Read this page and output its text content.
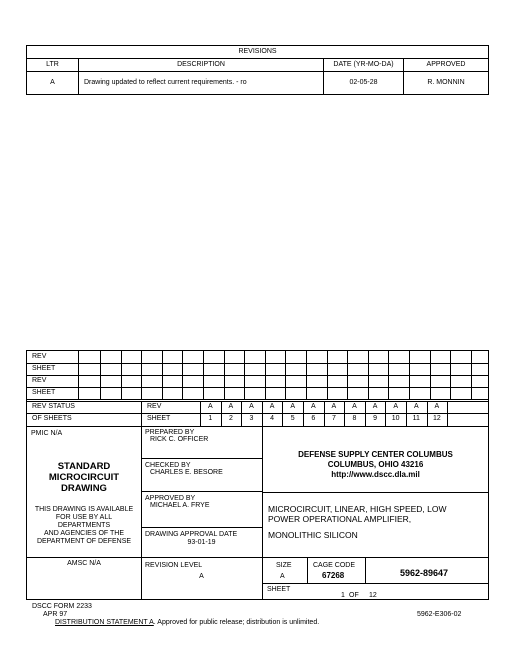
REVISIONS
LTR	DESCRIPTION	DATE (YR-MO-DA)	APPROVED
A	Drawing updated to reflect current requirements. - ro	02-05-28	R. MONNIN
REV
SHEET
REV
SHEET
REV STATUS	REV	A	A	A	A	A	A	A	A	A	A	A	A
OF SHEETS	SHEET	1	2	3	4	5	6	7	8	9	10	11	12
PMIC N/A	PREPARED BY
RICK C. OFFICER
STANDARD
MICROCIRCUIT
DRAWING
CHECKED BY
CHARLES E. BESORE
DEFENSE SUPPLY CENTER COLUMBUS
COLUMBUS, OHIO 43216
http://www.dscc.dla.mil
THIS DRAWING IS AVAILABLE
FOR USE BY ALL
DEPARTMENTS
AND AGENCIES OF THE
DEPARTMENT OF DEFENSE
APPROVED BY
MICHAEL A. FRYE	MICROCIRCUIT, LINEAR, HIGH SPEED, LOW
POWER OPERATIONAL AMPLIFIER,
MONOLITHIC SILICON
DRAWING APPROVAL DATE
93-01-19
AMSC N/A	REVISION LEVEL
A
SIZE
A
CAGE CODE
67268	5962-89647
SHEET
1 OF 12
DSCC FORM 2233
APR 97	5962-E306-02
DISTRIBUTION STATEMENT A. Approved for public release; distribution is unlimited.
